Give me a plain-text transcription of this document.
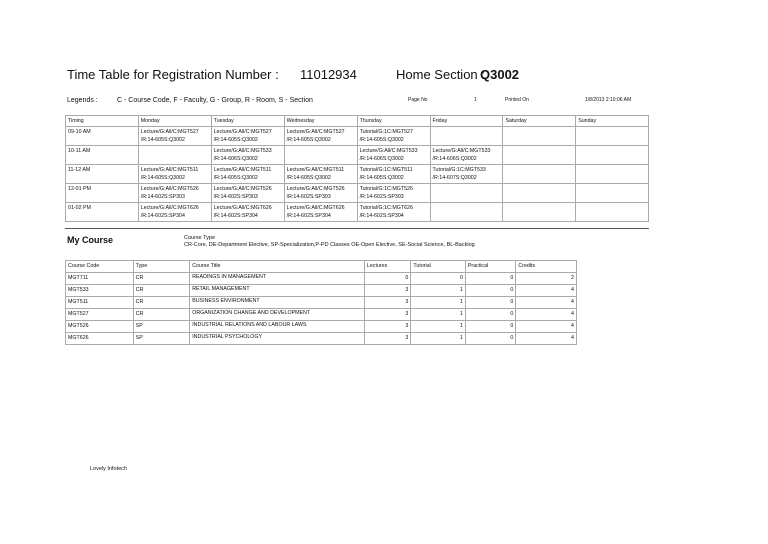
Time Table for Registration Number : 11012934	Home Section :
Q3002
Legends :	C - Course Code, F - Faculty, G - Group, R - Room, S - Section	Page No	1	Printed On	1/8/2013 2:10:06 AM
Timing	Monday	Tuesday	Wednesday	Thursday	Friday	Saturday	Sunday
09-10 AM	Lecture/G:All/C:MGT527
/R:14-605S:Q3002	Lecture/G:All/C:MGT527
/R:14-605S:Q3002	Lecture/G:All/C:MGT527
/R:14-605S:Q3002	Tutorial/G:1C:MGT527
/R:14-605S:Q3002			

10-11 AM		Lecture/G:All/C:MGT533
/R:14-606S:Q3002		Lecture/G:All/C:MGT533
/R:14-606S:Q3002	Lecture/G:All/C:MGT533
/R:14-606S:Q3002		

11-12 AM	Lecture/G:All/C:MGT511
/R:14-605S:Q3002	Lecture/G:All/C:MGT511
/R:14-605S:Q3002	Lecture/G:All/C:MGT511
/R:14-605S:Q3002	Tutorial/G:1C:MGT511
/R:14-605S:Q3002	Tutorial/G:1C:MGT533
/R:14-607S:Q3002		

12-01 PM	Lecture/G:All/C:MGT526
/R:14-602S:SP303	Lecture/G:All/C:MGT526
/R:14-602S:SP303	Lecture/G:All/C:MGT526
/R:14-602S:SP303	Tutorial/G:1C:MGT526
/R:14-602S:SP303			

01-02 PM	Lecture/G:All/C:MGT626
/R:14-602S:SP304	Lecture/G:All/C:MGT626
/R:14-602S:SP304	Lecture/G:All/C:MGT626
/R:14-602S:SP304	Tutorial/G:1C:MGT626
/R:14-602S:SP304			

My Course	Course Type
CR-Core, DE-Department Elective, SP-Specialization,P-PD Classes OE-Open Elective, SE-Social Science, BL-Backlog
Course Code	Type	Course Title	Lectures	Tutorial	Practical	Credits
MGT711	CR	READINGS IN MANAGEMENT	0	0	0	2
MGT533	CR	RETAIL MANAGEMENT	3	1	0	4
MGT511	CR	BUSINESS ENVIRONMENT	3	1	0	4
MGT527	CR	ORGANIZATION CHANGE AND DEVELOPMENT	3	1	0	4
MGT526	SP	INDUSTRIAL RELATIONS AND LABOUR LAWS	3	1	0	4
MGT626	SP	INDUSTRIAL PSYCHOLOGY	3	1	0	4
Lovely Infotech
